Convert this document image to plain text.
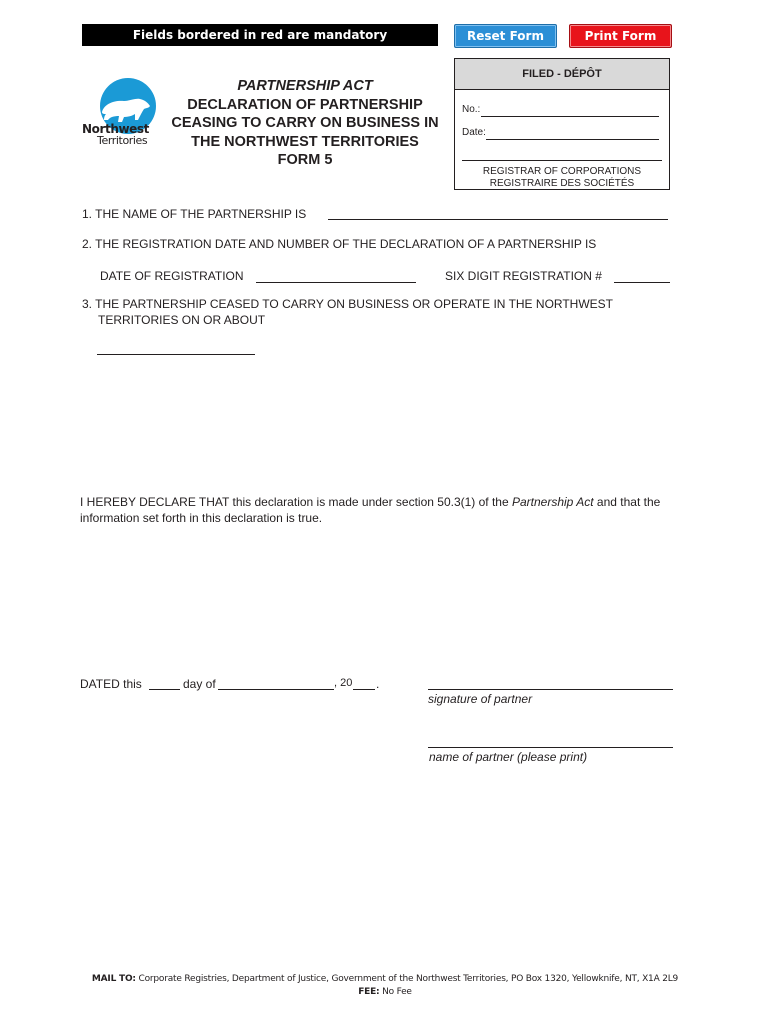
Fields bordered in red are mandatory	Reset Form	Print Form
Northwest
Territories
PARTNERSHIP ACT
DECLARATION OF PARTNERSHIP
CEASING TO CARRY ON BUSINESS IN
THE NORTHWEST TERRITORIES
FORM 5
FILED - DÉPÔT
No.:
Date:
REGISTRAR OF CORPORATIONS
REGISTRAIRE DES SOCIÉTÉS
1. THE NAME OF THE PARTNERSHIP IS
2. THE REGISTRATION DATE AND NUMBER OF THE DECLARATION OF A PARTNERSHIP IS
DATE OF REGISTRATION	SIX DIGIT REGISTRATION #
3. THE PARTNERSHIP CEASED TO CARRY ON BUSINESS OR OPERATE IN THE NORTHWEST
TERRITORIES ON OR ABOUT
I HEREBY DECLARE THAT this declaration is made under section 50.3(1) of the Partnership Act and that the information set forth in this declaration is true.
DATED this	day of	, 20 .
signature of partner
name of partner (please print)
MAIL TO: Corporate Registries, Department of Justice, Government of the Northwest Territories, PO Box 1320, Yellowknife, NT, X1A 2L9
FEE: No Fee
